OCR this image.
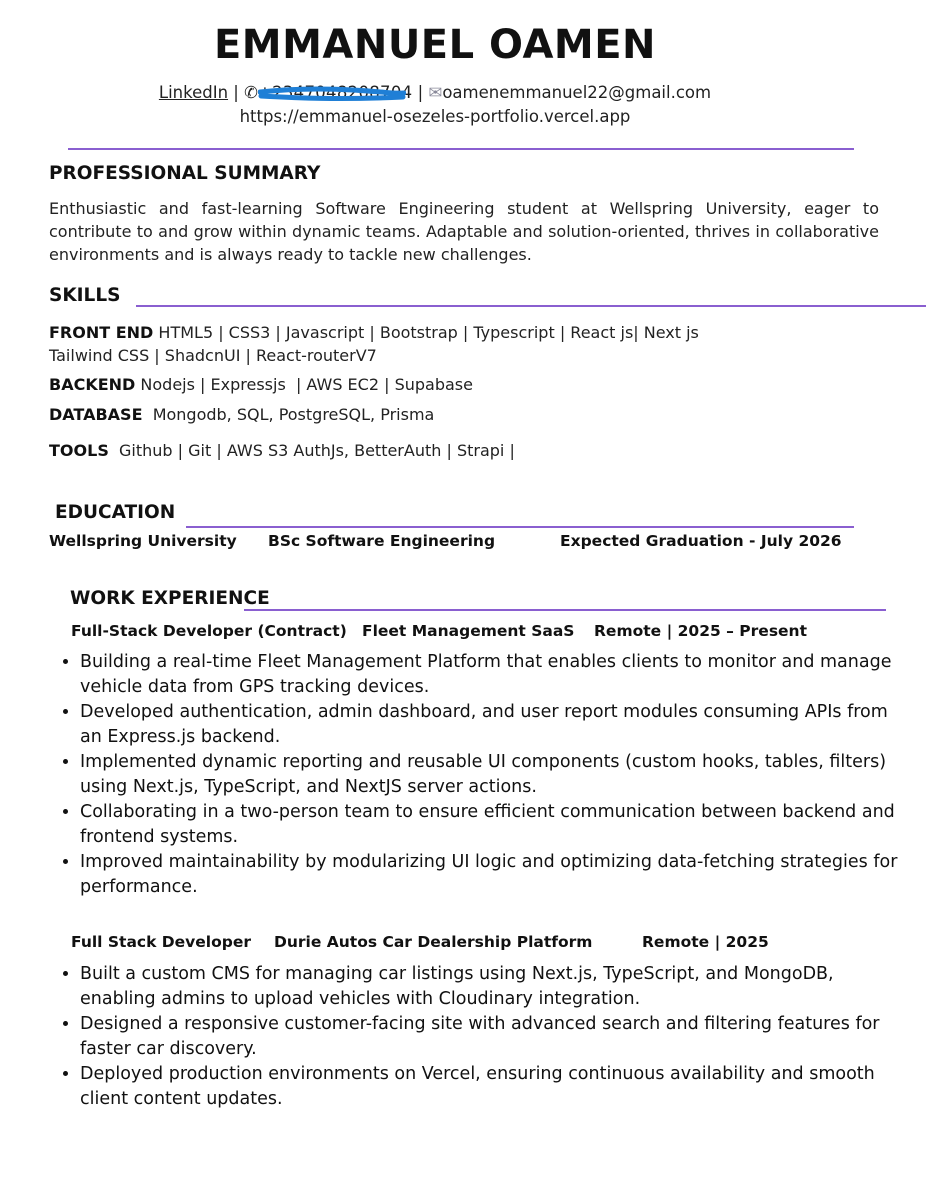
EMMANUEL OAMEN
LinkedIn | ✆+2347048208704
| ✉oamenemmanuel22@gmail.com
https://emmanuel-osezeles-portfolio.vercel.app
PROFESSIONAL SUMMARY
Enthusiastic and fast-learning Software Engineering student at Wellspring University, eager to contribute to and grow within dynamic teams. Adaptable and solution-oriented, thrives in collaborative environments and is always ready to tackle new challenges.
SKILLS
FRONT END HTML5 | CSS3 | Javascript | Bootstrap | Typescript | React js| Next js
Tailwind CSS | ShadcnUI | React-routerV7
BACKEND Nodejs | Expressjs  | AWS EC2 | Supabase
DATABASE  Mongodb, SQL, PostgreSQL, Prisma
TOOLS  Github | Git | AWS S3 AuthJs, BetterAuth | Strapi |
EDUCATION
Wellspring University BSc Software Engineering	Expected Graduation - July 2026
WORK EXPERIENCE
Full-Stack Developer (Contract) Fleet Management SaaS Remote | 2025 – Present
• Building a real-time Fleet Management Platform that enables clients to monitor and manage vehicle data from GPS tracking devices.
• Developed authentication, admin dashboard, and user report modules consuming APIs from an Express.js backend.
• Implemented dynamic reporting and reusable UI components (custom hooks, tables, filters) using Next.js, TypeScript, and NextJS server actions.
• Collaborating in a two-person team to ensure efficient communication between backend and frontend systems.
• Improved maintainability by modularizing UI logic and optimizing data-fetching strategies for performance.
Full Stack Developer Durie Autos Car Dealership Platform	Remote | 2025
• Built a custom CMS for managing car listings using Next.js, TypeScript, and MongoDB, enabling admins to upload vehicles with Cloudinary integration.
• Designed a responsive customer-facing site with advanced search and filtering features for faster car discovery.
• Deployed production environments on Vercel, ensuring continuous availability and smooth client content updates.
